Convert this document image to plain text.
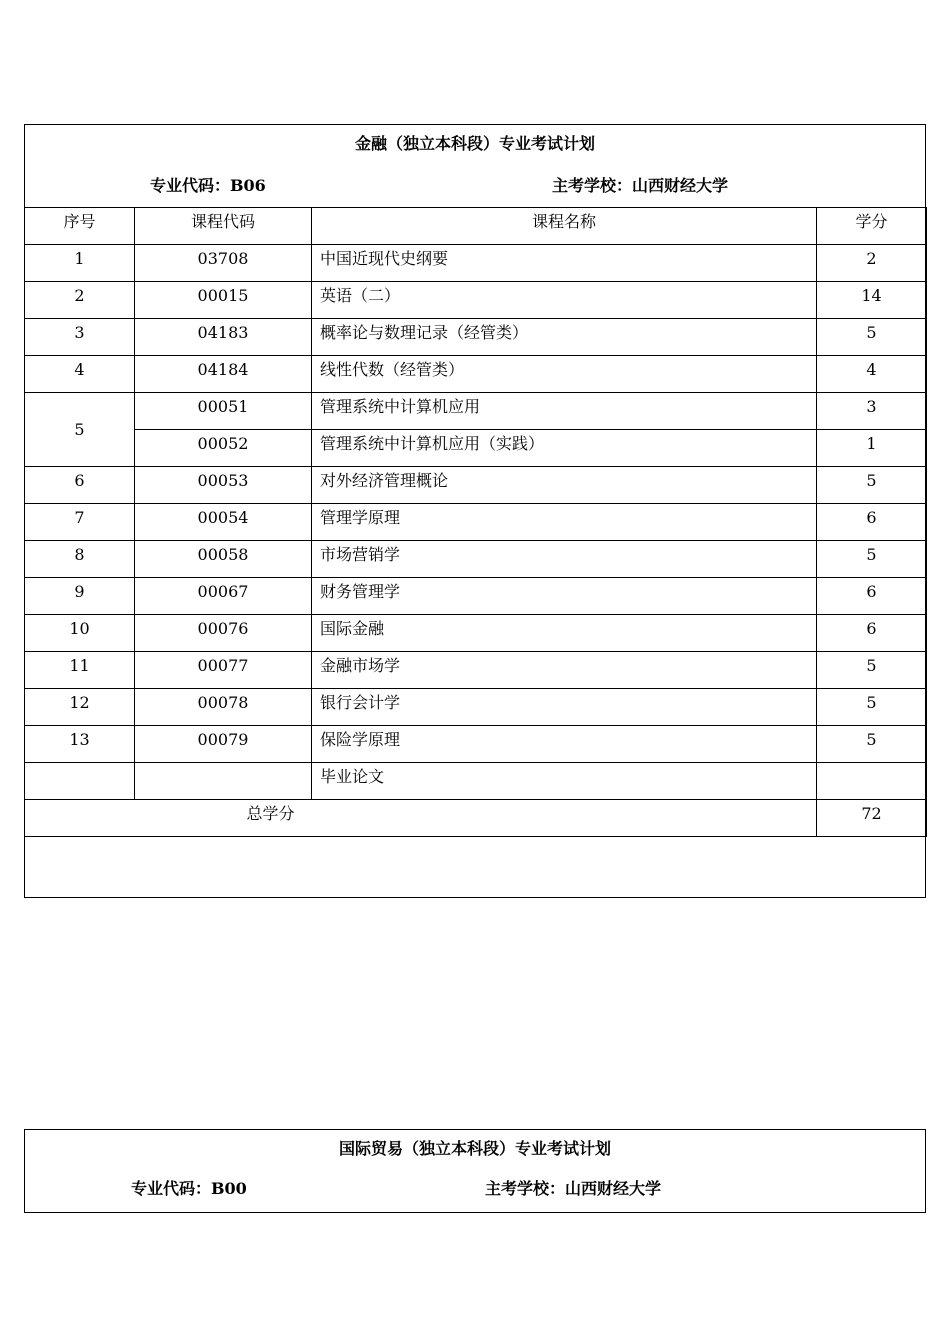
金融（独立本科段）专业考试计划
专业代码：B06	主考学校：山西财经大学
序号	课程代码	课程名称	学分
1	03708	中国近现代史纲要	2
2	00015	英语（二）	14
3	04183	概率论与数理记录（经管类）	5
4	04184	线性代数（经管类）	4
5	00051	管理系统中计算机应用	3
	00052	管理系统中计算机应用（实践）	1
6	00053	对外经济管理概论	5
7	00054	管理学原理	6
8	00058	市场营销学	5
9	00067	财务管理学	6
10	00076	国际金融	6
11	00077	金融市场学	5
12	00078	银行会计学	5
13	00079	保险学原理	5
		毕业论文	
总学分			72
国际贸易（独立本科段）专业考试计划
专业代码：B00	主考学校：山西财经大学
